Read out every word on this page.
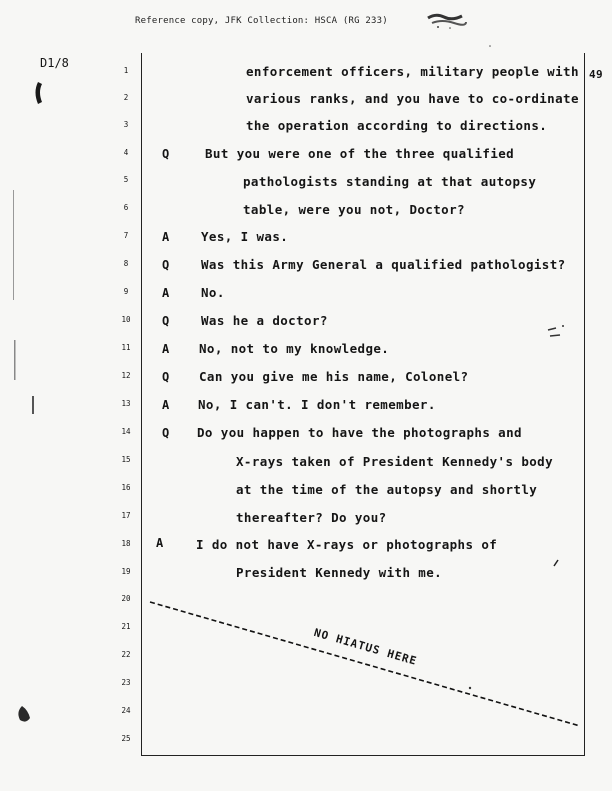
Reference copy, JFK Collection: HSCA (RG 233)
D1/8
49
1
2
3
4
5
6
7
8
9
10
11
12
13
14
15
16
17
18
19
20
21
22
23
24
25
Q
A
Q
A
Q
A
Q
A
Q
A
enforcement officers, military people with
various ranks, and you have to co-ordinate
the operation according to directions.
But you were one of the three qualified
pathologists standing at that autopsy
table, were you not, Doctor?
Yes, I was.
Was this Army General a qualified pathologist?
No.
Was he a doctor?
No, not to my knowledge.
Can you give me his name, Colonel?
No, I can't. I don't remember.
Do you happen to have the photographs and
X-rays taken of President Kennedy's body
at the time of the autopsy and shortly
thereafter? Do you?
I do not have X-rays or photographs of
President Kennedy with me.
NO HIATUS HERE
